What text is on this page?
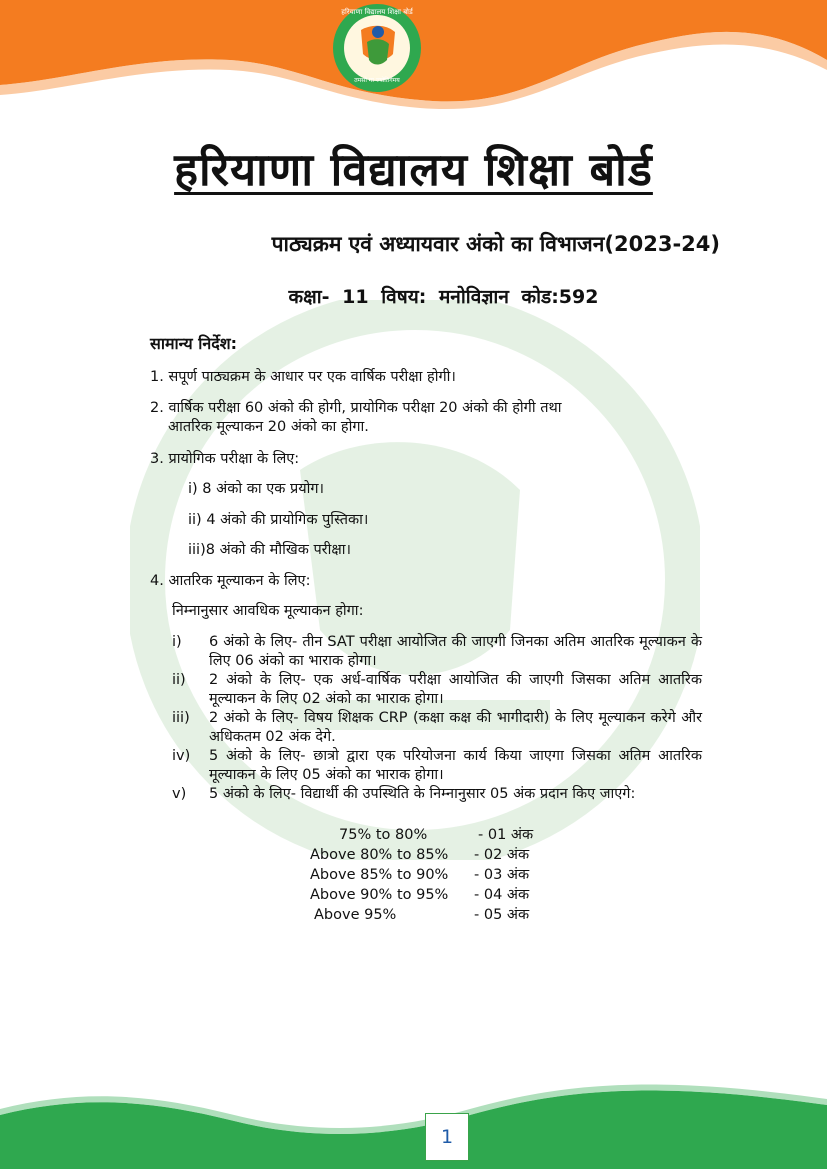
हरियाणा विद्यालय शिक्षा बोर्ड
तमसो मा ज्योतिर्गमय
हरियाणा विद्यालय शिक्षा बोर्ड
पाठ्यक्रम एवं अध्यायवार अंको का विभाजन(2023-24)
कक्षा- 11 विषय: मनोविज्ञान कोड:592
सामान्य निर्देश:
1. सपूर्ण पाठ्यक्रम के आधार पर एक वार्षिक परीक्षा होगी।
2. वार्षिक परीक्षा 60 अंको की होगी, प्रायोगिक परीक्षा 20 अंको की होगी तथा
आतरिक मूल्याकन 20 अंको का होगा.
3. प्रायोगिक परीक्षा के लिए:
i) 8 अंको का एक प्रयोग।
ii) 4 अंको की प्रायोगिक पुस्तिका।
iii)8 अंको की मौखिक परीक्षा।
4. आतरिक मूल्याकन के लिए:
निम्नानुसार आवधिक मूल्याकन होगा:
i)	6 अंको के लिए- तीन SAT परीक्षा आयोजित की जाएगी जिनका अतिम आतरिक मूल्याकन के लिए 06 अंको का भाराक होगा।
ii)	2 अंको के लिए- एक अर्ध-वार्षिक परीक्षा आयोजित की जाएगी जिसका अतिम आतरिक मूल्याकन के लिए 02 अंको का भाराक होगा।
iii)	2 अंको के लिए- विषय शिक्षक CRP (कक्षा कक्ष की भागीदारी) के लिए मूल्याकन करेगे और अधिकतम 02 अंक देगे.
iv)	5 अंको के लिए- छात्रो द्वारा एक परियोजना कार्य किया जाएगा जिसका अतिम आतरिक मूल्याकन के लिए 05 अंको का भाराक होगा।
v)	5 अंको के लिए- विद्यार्थी की उपस्थिति के निम्नानुसार 05 अंक प्रदान किए जाएगे:
75% to 80%	- 01 अंक
Above 80% to 85% - 02 अंक
Above 85% to 90% - 03 अंक
Above 90% to 95% - 04 अंक
Above 95%	- 05 अंक
1
